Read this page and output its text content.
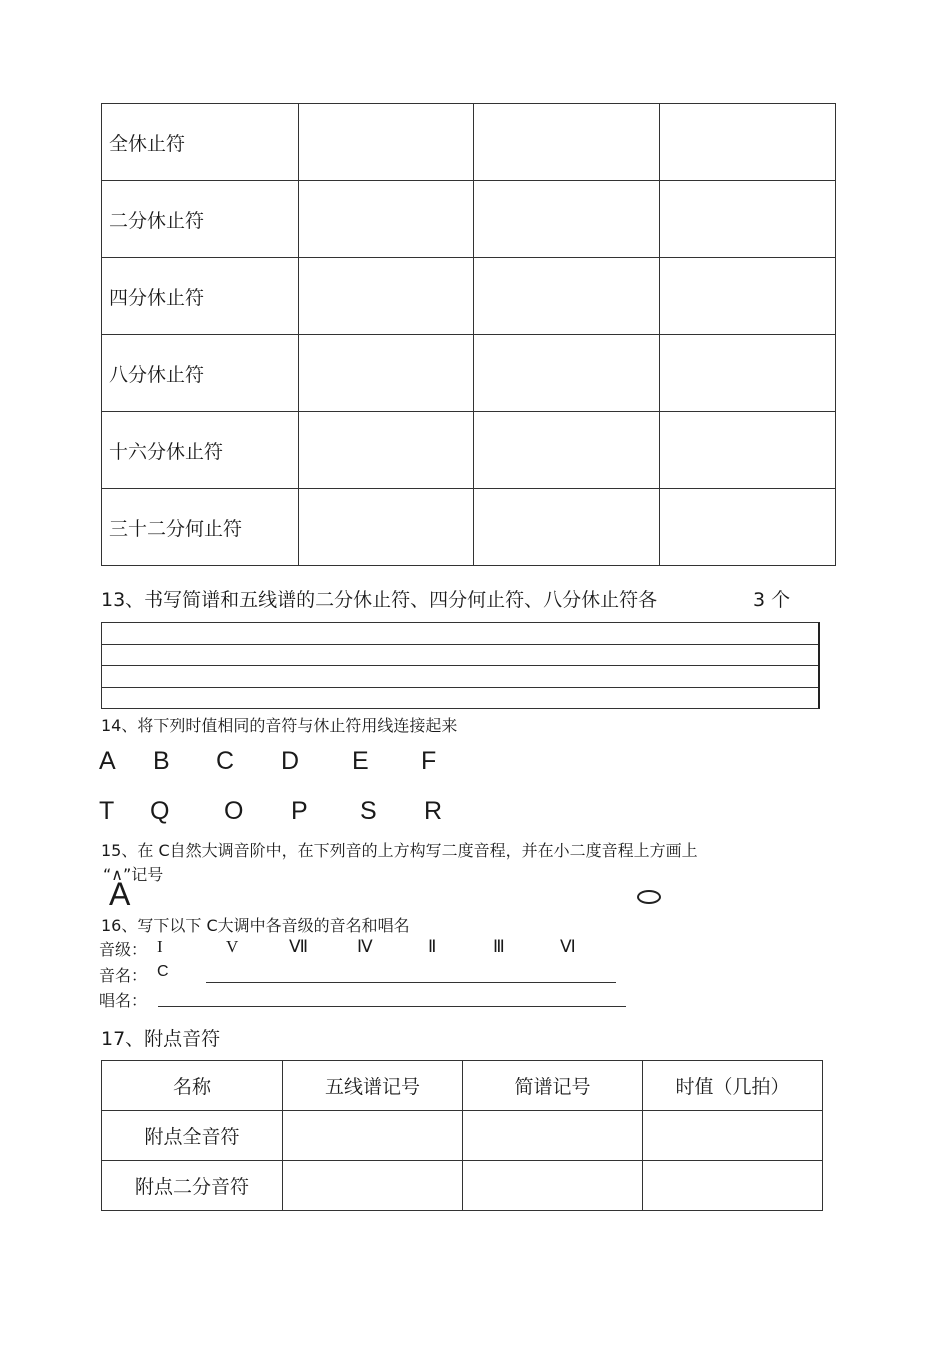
全休止符			
二分休止符			
四分休止符			
八分休止符			
十六分休止符			
三十二分何止符			
13、书写简谱和五线谱的二分休止符、四分何止符、八分休止符各	3 个
14、将下列时值相同的音符与休止符用线连接起来
A B C D E F
T Q O P S R
15、在 C自然大调音阶中，在下列音的上方构写二度音程，并在小二度音程上方画上
“∧”记号
A
16、写下以下 C大调中各音级的音名和唱名
音级： I	V	Ⅶ	Ⅳ	Ⅱ	Ⅲ	Ⅵ
音名： C
唱名：
17、附点音符
名称	五线谱记号	简谱记号	时值（几拍）
附点全音符			
附点二分音符			
